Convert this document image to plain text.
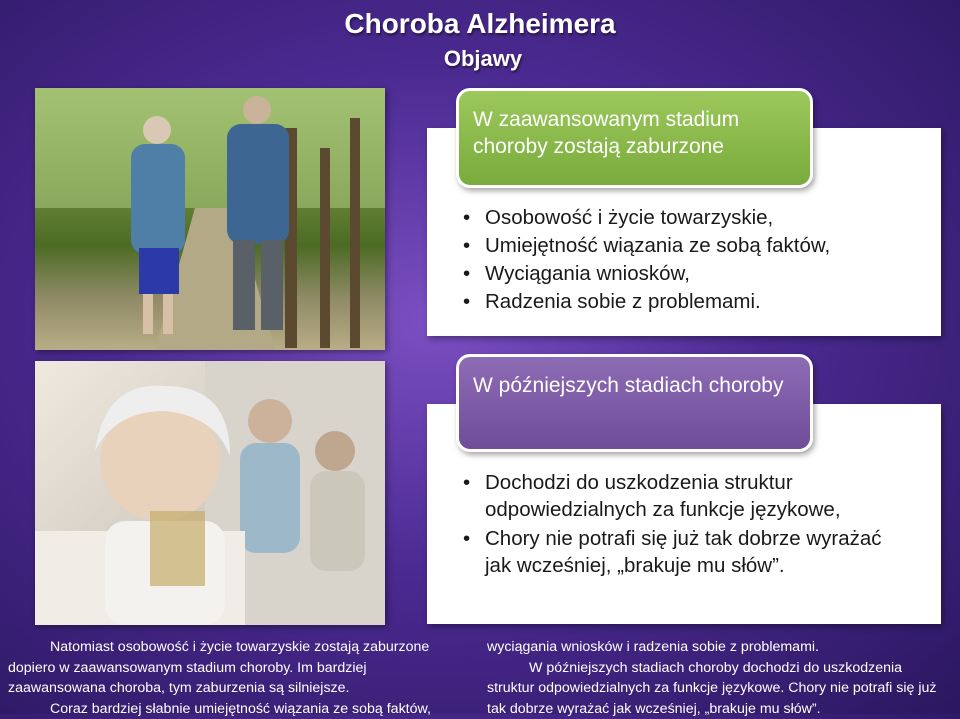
Choroba Alzheimera
Objawy
W zaawansowanym stadium choroby zostają zaburzone
• Osobowość i życie towarzyskie,
• Umiejętność wiązania ze sobą faktów,
• Wyciągania wniosków,
• Radzenia sobie z problemami.
W późniejszych stadiach choroby
• Dochodzi do uszkodzenia struktur odpowiedzialnych za funkcje językowe,
• Chory nie potrafi się już tak dobrze wyrażać jak wcześniej, „brakuje mu słów”.

Natomiast osobowość i życie towarzyskie zostają zaburzone
dopiero w zaawansowanym stadium choroby. Im bardziej zaawansowana choroba, tym zaburzenia są silniejsze.
Coraz bardziej słabnie umiejętność wiązania ze sobą faktów,

wyciągania wniosków i radzenia sobie z problemami.
W późniejszych stadiach choroby dochodzi do uszkodzenia
struktur odpowiedzialnych za funkcje językowe. Chory nie potrafi się już tak dobrze wyrażać jak wcześniej, „brakuje mu słów”.
